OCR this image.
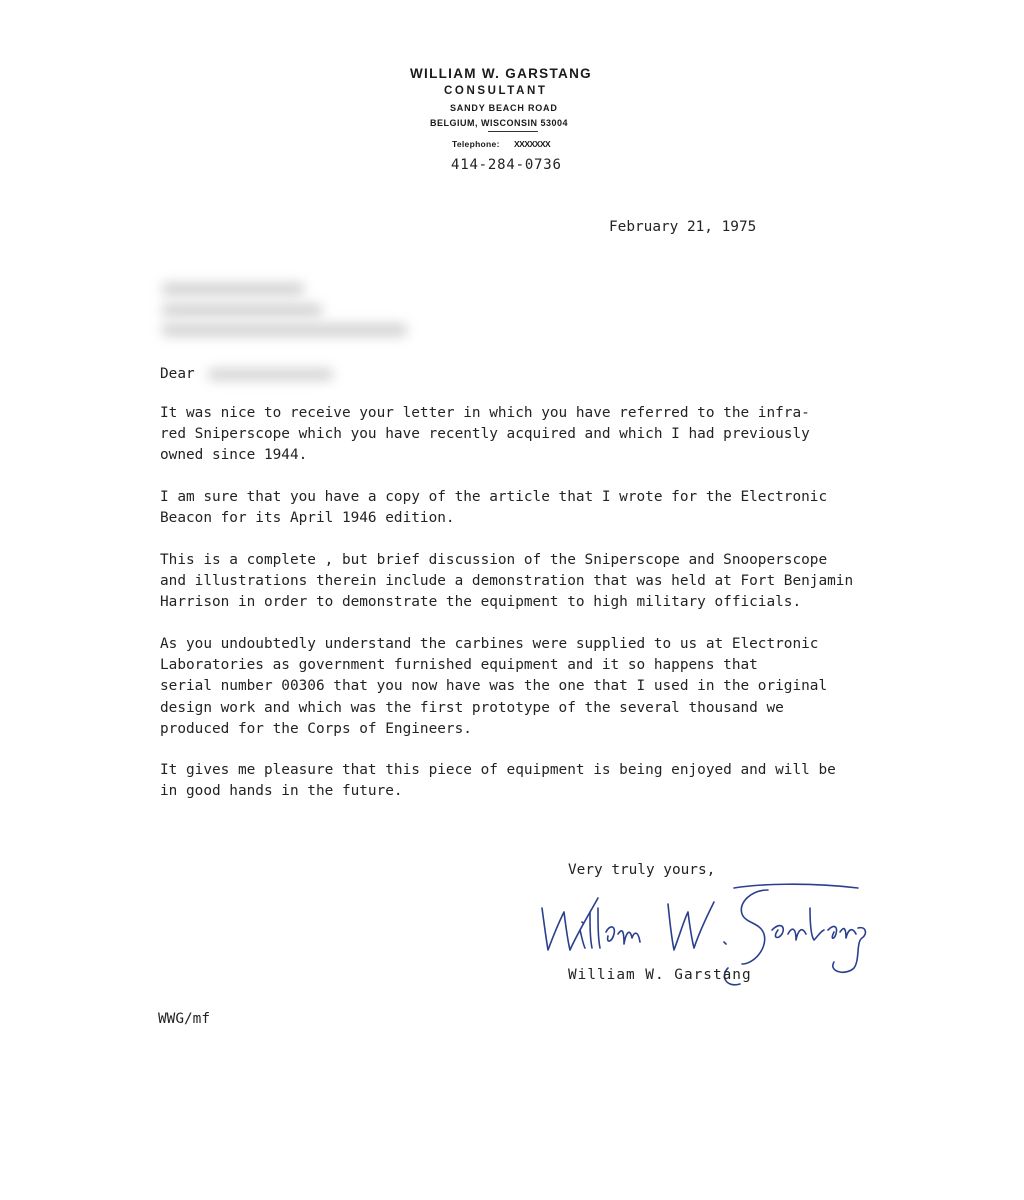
WILLIAM W. GARSTANG
CONSULTANT
SANDY BEACH ROAD
BELGIUM, WISCONSIN 53004
Telephone: XXXXXXX
414-284-0736
February 21, 1975
Dear
It was nice to receive your letter in which you have referred to the infra-
red Sniperscope which you have recently acquired and which I had previously
owned since 1944.
I am sure that you have a copy of the article that I wrote for the Electronic
Beacon for its April 1946 edition.
This is a complete , but brief discussion of the Sniperscope and Snooperscope
and illustrations therein include a demonstration that was held at Fort Benjamin
Harrison in order to demonstrate the equipment to high military officials.
As you undoubtedly understand the carbines were supplied to us at Electronic
Laboratories as government furnished equipment and it so happens that
serial number 00306 that you now have was the one that I used in the original
design work and which was the first prototype of the several thousand we
produced for the Corps of Engineers.
It gives me pleasure that this piece of equipment is being enjoyed and will be
in good hands in the future.
Very truly yours,
William W. Garstang
William W. Garstang
WWG/mf
